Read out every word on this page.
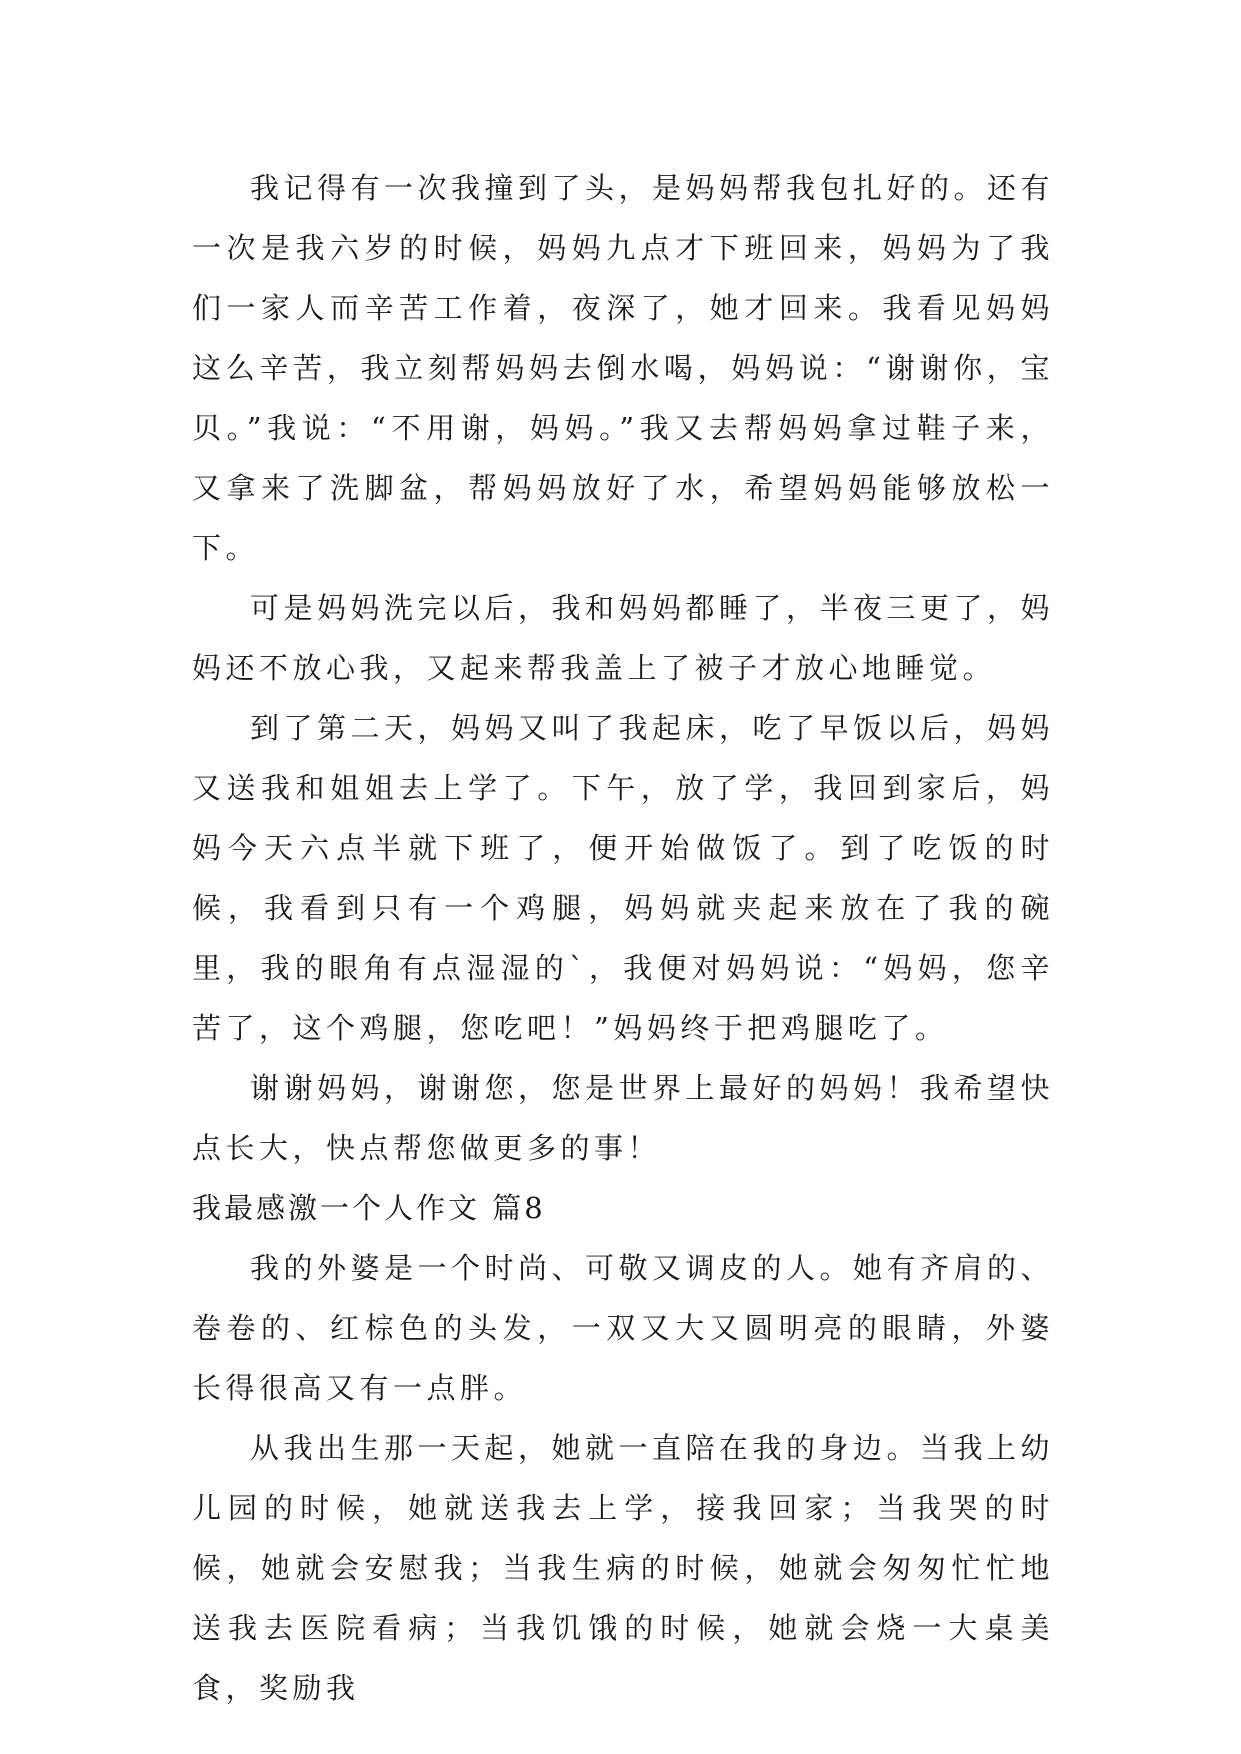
我记得有一次我撞到了头，是妈妈帮我包扎好的。还有一次是我六岁的时候，妈妈九点才下班回来，妈妈为了我们一家人而辛苦工作着，夜深了，她才回来。我看见妈妈这么辛苦，我立刻帮妈妈去倒水喝，妈妈说：“谢谢你，宝贝。”我说：“不用谢，妈妈。”我又去帮妈妈拿过鞋子来，又拿来了洗脚盆，帮妈妈放好了水，希望妈妈能够放松一下。

可是妈妈洗完以后，我和妈妈都睡了，半夜三更了，妈妈还不放心我，又起来帮我盖上了被子才放心地睡觉。

到了第二天，妈妈又叫了我起床，吃了早饭以后，妈妈又送我和姐姐去上学了。下午，放了学，我回到家后，妈妈今天六点半就下班了，便开始做饭了。到了吃饭的时候，我看到只有一个鸡腿，妈妈就夹起来放在了我的碗里，我的眼角有点湿湿的`，我便对妈妈说：“妈妈，您辛苦了，这个鸡腿，您吃吧！”妈妈终于把鸡腿吃了。

谢谢妈妈，谢谢您，您是世界上最好的妈妈！我希望快点长大，快点帮您做更多的事！

我最感激一个人作文 篇8

我的外婆是一个时尚、可敬又调皮的人。她有齐肩的、卷卷的、红棕色的头发，一双又大又圆明亮的眼睛，外婆长得很高又有一点胖。

从我出生那一天起，她就一直陪在我的身边。当我上幼儿园的时候，她就送我去上学，接我回家；当我哭的时候，她就会安慰我；当我生病的时候，她就会匆匆忙忙地送我去医院看病；当我饥饿的时候，她就会烧一大桌美食，奖励我
